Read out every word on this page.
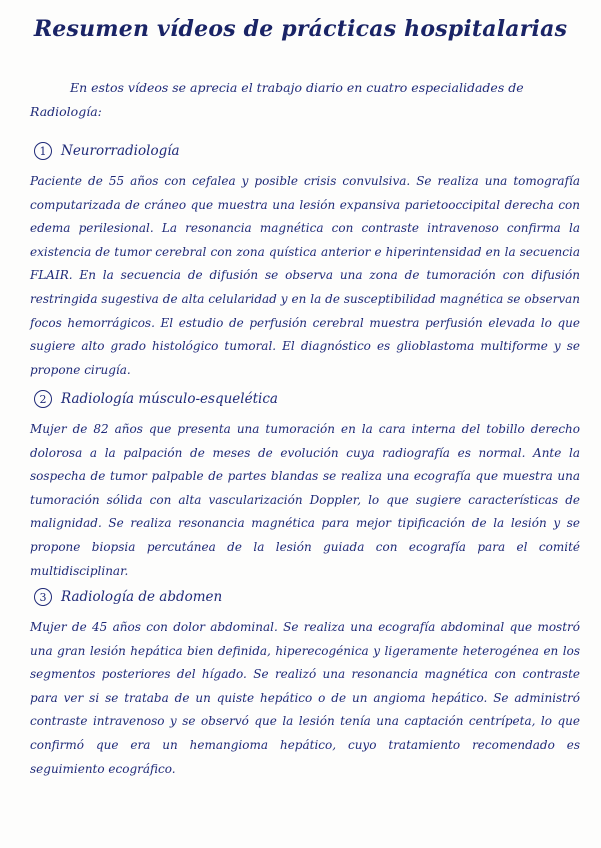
Resumen vídeos de prácticas hospitalarias

En estos vídeos se aprecia el trabajo diario en cuatro especialidades de Radiología:

1	Neurorradiología

Paciente de 55 años con cefalea y posible crisis convulsiva. Se realiza una tomografía computarizada de cráneo que muestra una lesión expansiva parietooccipital derecha con edema perilesional. La resonancia magnética con contraste intravenoso confirma la existencia de tumor cerebral con zona quística anterior e hiperintensidad en la secuencia FLAIR. En la secuencia de difusión se observa una zona de tumoración con difusión restringida sugestiva de alta celularidad y en la de susceptibilidad magnética se observan focos hemorrágicos. El estudio de perfusión cerebral muestra perfusión elevada lo que sugiere alto grado histológico tumoral. El diagnóstico es glioblastoma multiforme y se propone cirugía.

2	Radiología músculo-esquelética

Mujer de 82 años que presenta una tumoración en la cara interna del tobillo derecho dolorosa a la palpación de meses de evolución cuya radiografía es normal. Ante la sospecha de tumor palpable de partes blandas se realiza una ecografía que muestra una tumoración sólida con alta vascularización Doppler, lo que sugiere características de malignidad. Se realiza resonancia magnética para mejor tipificación de la lesión y se propone biopsia percutánea de la lesión guiada con ecografía para el comité multidisciplinar.

3	Radiología de abdomen

Mujer de 45 años con dolor abdominal. Se realiza una ecografía abdominal que mostró una gran lesión hepática bien definida, hiperecogénica y ligeramente heterogénea en los segmentos posteriores del hígado. Se realizó una resonancia magnética con contraste para ver si se trataba de un quiste hepático o de un angioma hepático. Se administró contraste intravenoso y se observó que la lesión tenía una captación centrípeta, lo que confirmó que era un hemangioma hepático, cuyo tratamiento recomendado es seguimiento ecográfico.
